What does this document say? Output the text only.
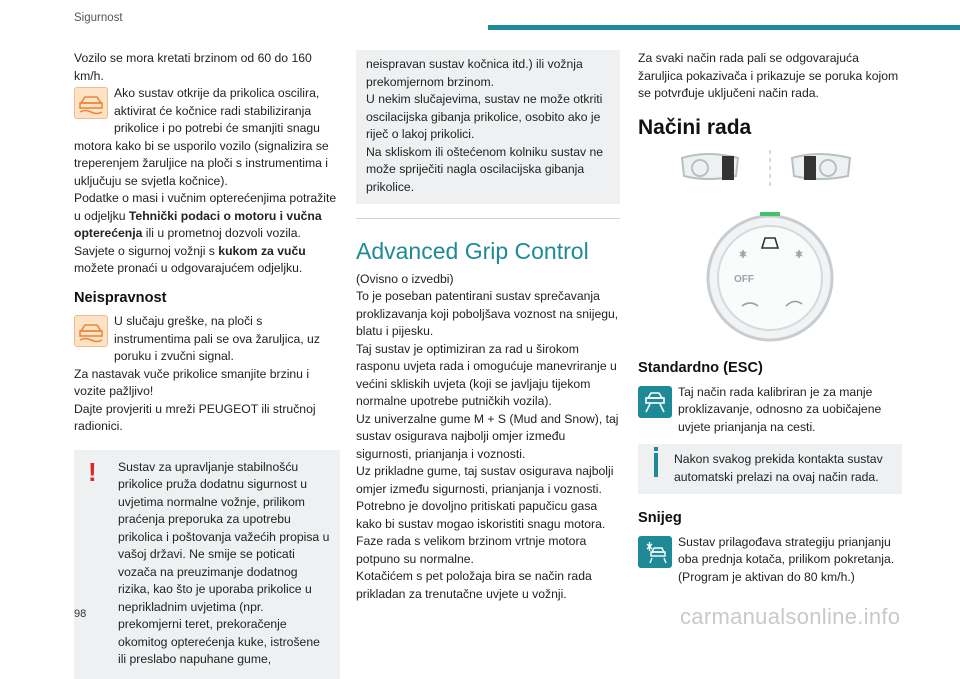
Sigurnost

Vozilo se mora kretati brzinom od 60 do 160 km/h.

Ako sustav otkrije da prikolica oscilira, aktivirat će kočnice radi stabiliziranja prikolice i po potrebi će smanjiti snagu motora kako bi se usporilo vozilo (signalizira se treperenjem žaruljice na ploči s instrumentima i uključuju se svjetla kočnice).

Podatke o masi i vučnim opterećenjima potražite u odjeljku Tehnički podaci o motoru i vučna opterećenja ili u prometnoj dozvoli vozila.

Savjete o sigurnoj vožnji s kukom za vuču možete pronaći u odgovarajućem odjeljku.

Neispravnost

U slučaju greške, na ploči s instrumentima pali se ova žaruljica, uz poruku i zvučni signal.

Za nastavak vuče prikolice smanjite brzinu i vozite pažljivo!

Dajte provjeriti u mreži PEUGEOT ili stručnoj radionici.

!	Sustav za upravljanje stabilnošću prikolice pruža dodatnu sigurnost u uvjetima normalne vožnje, prilikom praćenja preporuka za upotrebu prikolica i poštovanja važećih propisa u vašoj državi. Ne smije se poticati vozača na preuzimanje dodatnog rizika, kao što je uporaba prikolice u neprikladnim uvjetima (npr. prekomjerni teret, prekoračenje okomitog opterećenja kuke, istrošene ili preslabo napuhane gume,

neispravan sustav kočnica itd.) ili vožnja prekomjernom brzinom.
U nekim slučajevima, sustav ne može otkriti oscilacijska gibanja prikolice, osobito ako je riječ o lakoj prikolici.
Na skliskom ili oštećenom kolniku sustav ne može spriječiti nagla oscilacijska gibanja prikolice.

Advanced Grip Control

(Ovisno o izvedbi)
To je poseban patentirani sustav sprečavanja proklizavanja koji poboljšava voznost na snijegu, blatu i pijesku.
Taj sustav je optimiziran za rad u širokom rasponu uvjeta rada i omogućuje manevriranje u većini skliskih uvjeta (koji se javljaju tijekom normalne upotrebe putničkih vozila).
Uz univerzalne gume M + S (Mud and Snow), taj sustav osigurava najbolji omjer između sigurnosti, prianjanja i voznosti.
Uz prikladne gume, taj sustav osigurava najbolji omjer između sigurnosti, prianjanja i voznosti.
Potrebno je dovoljno pritiskati papučicu gasa kako bi sustav mogao iskoristiti snagu motora.
Faze rada s velikom brzinom vrtnje motora potpuno su normalne.
Kotačićem s pet položaja bira se način rada prikladan za trenutačne uvjete u vožnji.

Za svaki način rada pali se odgovarajuća žaruljica pokazivača i prikazuje se poruka kojom se potvrđuje uključeni način rada.

Načini rada
OFF
Standardno (ESC)

Taj način rada kalibriran je za manje proklizavanje, odnosno za uobičajene uvjete prianjanja na cesti.

Nakon svakog prekida kontakta sustav automatski prelazi na ovaj način rada.

Snijeg

Sustav prilagođava strategiju prianjanju oba prednja kotača, prilikom pokretanja. (Program je aktivan do 80 km/h.)

98	carmanualsonline.info
